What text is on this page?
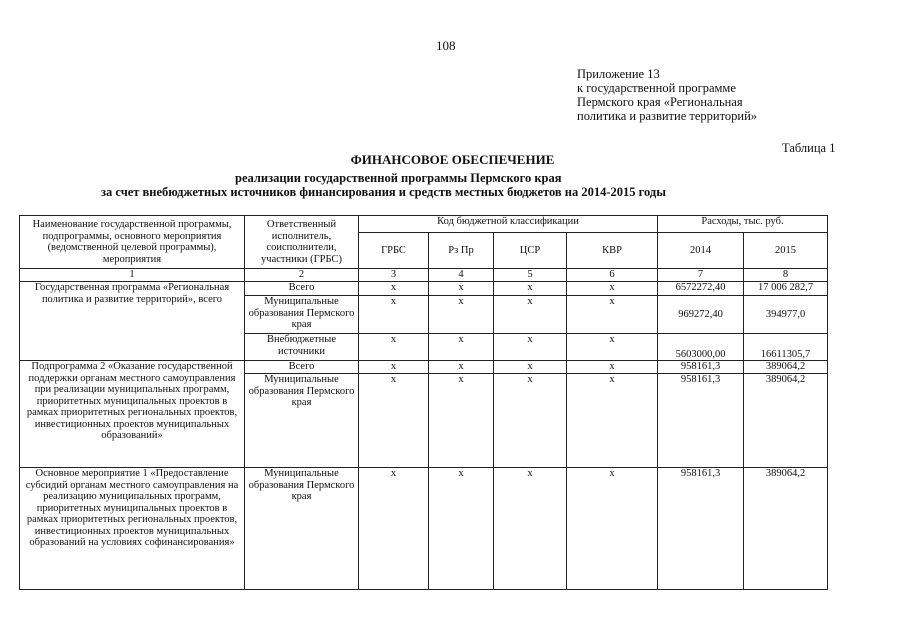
108
Приложение 13
к государственной программе
Пермского края «Региональная
политика и развитие территорий»
Таблица 1
ФИНАНСОВОЕ ОБЕСПЕЧЕНИЕ
реализации государственной программы Пермского края
за счет внебюджетных источников финансирования и средств местных бюджетов на 2014-2015 годы
Наименование государственной программы, подпрограммы, основного мероприятия (ведомственной целевой программы), мероприятия	Ответственный исполнитель, соисполнители, участники (ГРБС)	Код бюджетной классификации				Расходы, тыс. руб.	
		ГРБС	Рз Пр	ЦСР	КВР	2014	2015
1	2	3	4	5	6	7	8
Государственная программа «Региональная политика и развитие территорий», всего	Всего	х	х	х	х	6572272,40	17 006 282,7
	Муниципальные образования Пермского края	х	х	х	х	969272,40	394977,0
	Внебюджетные источники	х	х	х	х	5603000,00	16611305,7
Подпрограмма 2 «Оказание государственной поддержки органам местного самоуправления при реализации муниципальных программ, приоритетных муниципальных проектов в рамках приоритетных региональных проектов, инвестиционных проектов муниципальных образований»	Всего	х	х	х	х	958161,3	389064,2
	Муниципальные образования Пермского края	х	х	х	х	958161,3	389064,2
Основное мероприятие 1 «Предоставление субсидий органам местного самоуправления на реализацию муниципальных программ, приоритетных муниципальных проектов в рамках приоритетных региональных проектов, инвестиционных проектов муниципальных образований на условиях софинансирования»	Муниципальные образования Пермского края	х	х	х	х	958161,3	389064,2
